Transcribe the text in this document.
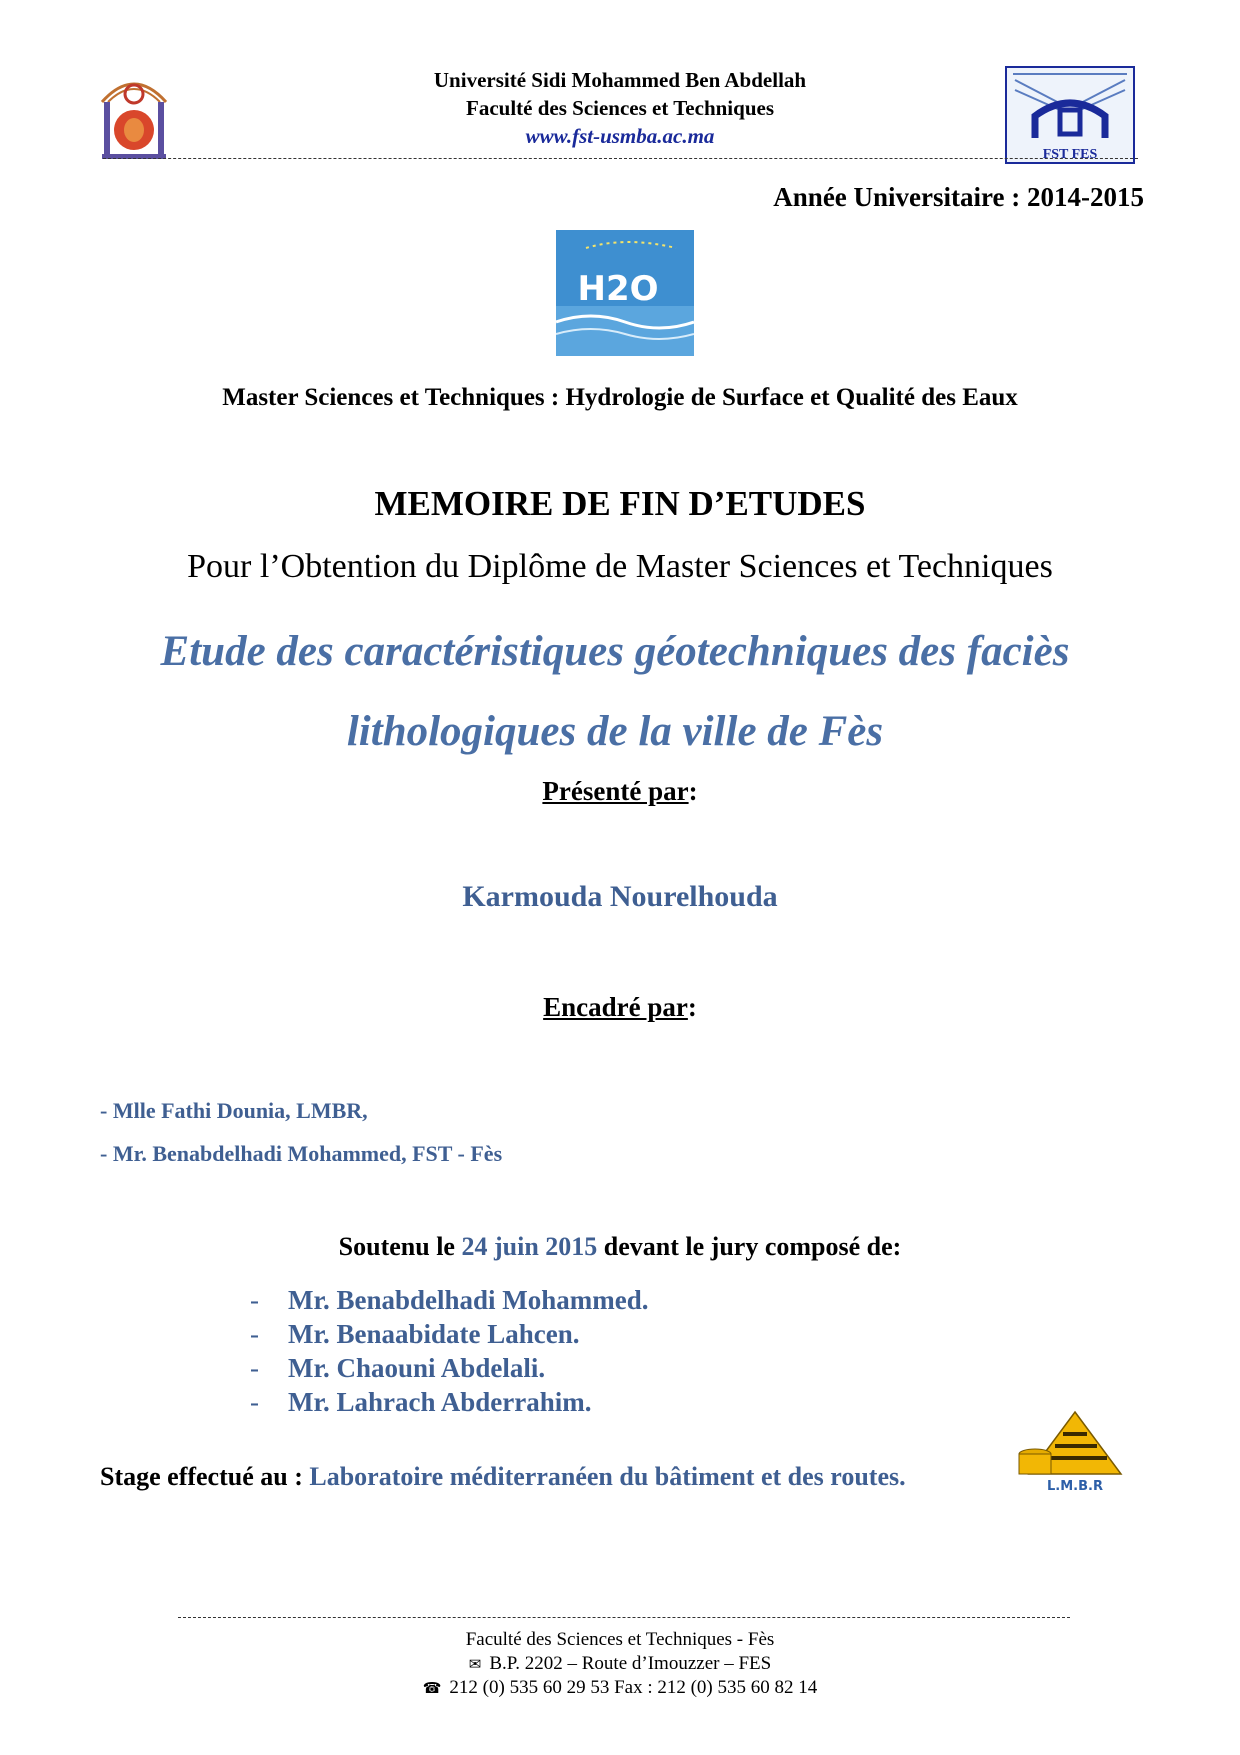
Université Sidi Mohammed Ben Abdellah
Faculté des Sciences et Techniques
www.fst-usmba.ac.ma
FST FES
Année Universitaire : 2014-2015
H2O
Master Sciences et Techniques : Hydrologie de Surface et Qualité des Eaux
MEMOIRE DE FIN D’ETUDES
Pour l’Obtention du Diplôme de Master Sciences et Techniques
Etude des caractéristiques géotechniques des faciès
lithologiques de la ville de Fès
Présenté par:
Karmouda Nourelhouda
Encadré par:
- Mlle Fathi Dounia, LMBR,
- Mr. Benabdelhadi Mohammed, FST - Fès
Soutenu le 24 juin 2015 devant le jury composé de:
- Mr. Benabdelhadi Mohammed.
- Mr. Benaabidate Lahcen.
- Mr. Chaouni Abdelali.
- Mr. Lahrach Abderrahim.
Stage effectué au : Laboratoire méditerranéen du bâtiment et des routes.	L.M.B.R
Faculté des Sciences et Techniques - Fès
✉ B.P. 2202 – Route d’Imouzzer – FES
☎ 212 (0) 535 60 29 53 Fax : 212 (0) 535 60 82 14
